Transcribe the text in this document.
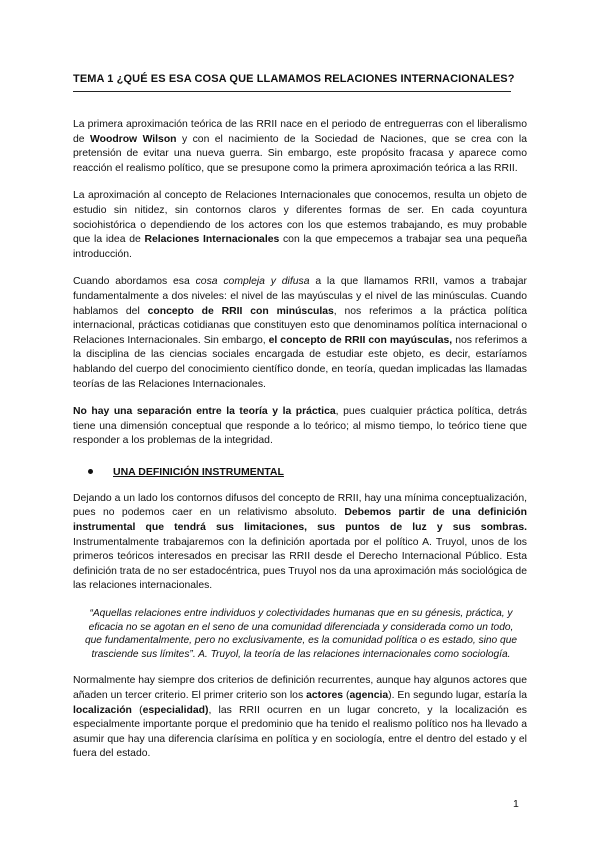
TEMA 1 ¿QUÉ ES ESA COSA QUE LLAMAMOS RELACIONES INTERNACIONALES?

La primera aproximación teórica de las RRII nace en el periodo de entreguerras con el liberalismo de Woodrow Wilson y con el nacimiento de la Sociedad de Naciones, que se crea con la pretensión de evitar una nueva guerra. Sin embargo, este propósito fracasa y aparece como reacción el realismo político, que se presupone como la primera aproximación teórica a las RRII.

La aproximación al concepto de Relaciones Internacionales que conocemos, resulta un objeto de estudio sin nitidez, sin contornos claros y diferentes formas de ser. En cada coyuntura sociohistórica o dependiendo de los actores con los que estemos trabajando, es muy probable que la idea de Relaciones Internacionales con la que empecemos a trabajar sea una pequeña introducción.

Cuando abordamos esa cosa compleja y difusa a la que llamamos RRII, vamos a trabajar fundamentalmente a dos niveles: el nivel de las mayúsculas y el nivel de las minúsculas. Cuando hablamos del concepto de RRII con minúsculas, nos referimos a la práctica política internacional, prácticas cotidianas que constituyen esto que denominamos política internacional o Relaciones Internacionales. Sin embargo, el concepto de RRII con mayúsculas, nos referimos a la disciplina de las ciencias sociales encargada de estudiar este objeto, es decir, estaríamos hablando del cuerpo del conocimiento científico donde, en teoría, quedan implicadas las llamadas teorías de las Relaciones Internacionales.

No hay una separación entre la teoría y la práctica, pues cualquier práctica política, detrás tiene una dimensión conceptual que responde a lo teórico; al mismo tiempo, lo teórico tiene que responder a los problemas de la integridad.

UNA DEFINICIÓN INSTRUMENTAL

Dejando a un lado los contornos difusos del concepto de RRII, hay una mínima conceptualización, pues no podemos caer en un relativismo absoluto. Debemos partir de una definición instrumental que tendrá sus limitaciones, sus puntos de luz y sus sombras. Instrumentalmente trabajaremos con la definición aportada por el político A. Truyol, unos de los primeros teóricos interesados en precisar las RRII desde el Derecho Internacional Público. Esta definición trata de no ser estadocéntrica, pues Truyol nos da una aproximación más sociológica de las relaciones internacionales.

“Aquellas relaciones entre individuos y colectividades humanas que en su génesis, práctica, y eficacia no se agotan en el seno de una comunidad diferenciada y considerada como un todo, que fundamentalmente, pero no exclusivamente, es la comunidad política o es estado, sino que trasciende sus límites”. A. Truyol, la teoría de las relaciones internacionales como sociología.

Normalmente hay siempre dos criterios de definición recurrentes, aunque hay algunos actores que añaden un tercer criterio. El primer criterio son los actores (agencia). En segundo lugar, estaría la localización (especialidad), las RRII ocurren en un lugar concreto, y la localización es especialmente importante porque el predominio que ha tenido el realismo político nos ha llevado a asumir que hay una diferencia clarísima en política y en sociología, entre el dentro del estado y el fuera del estado.

1
